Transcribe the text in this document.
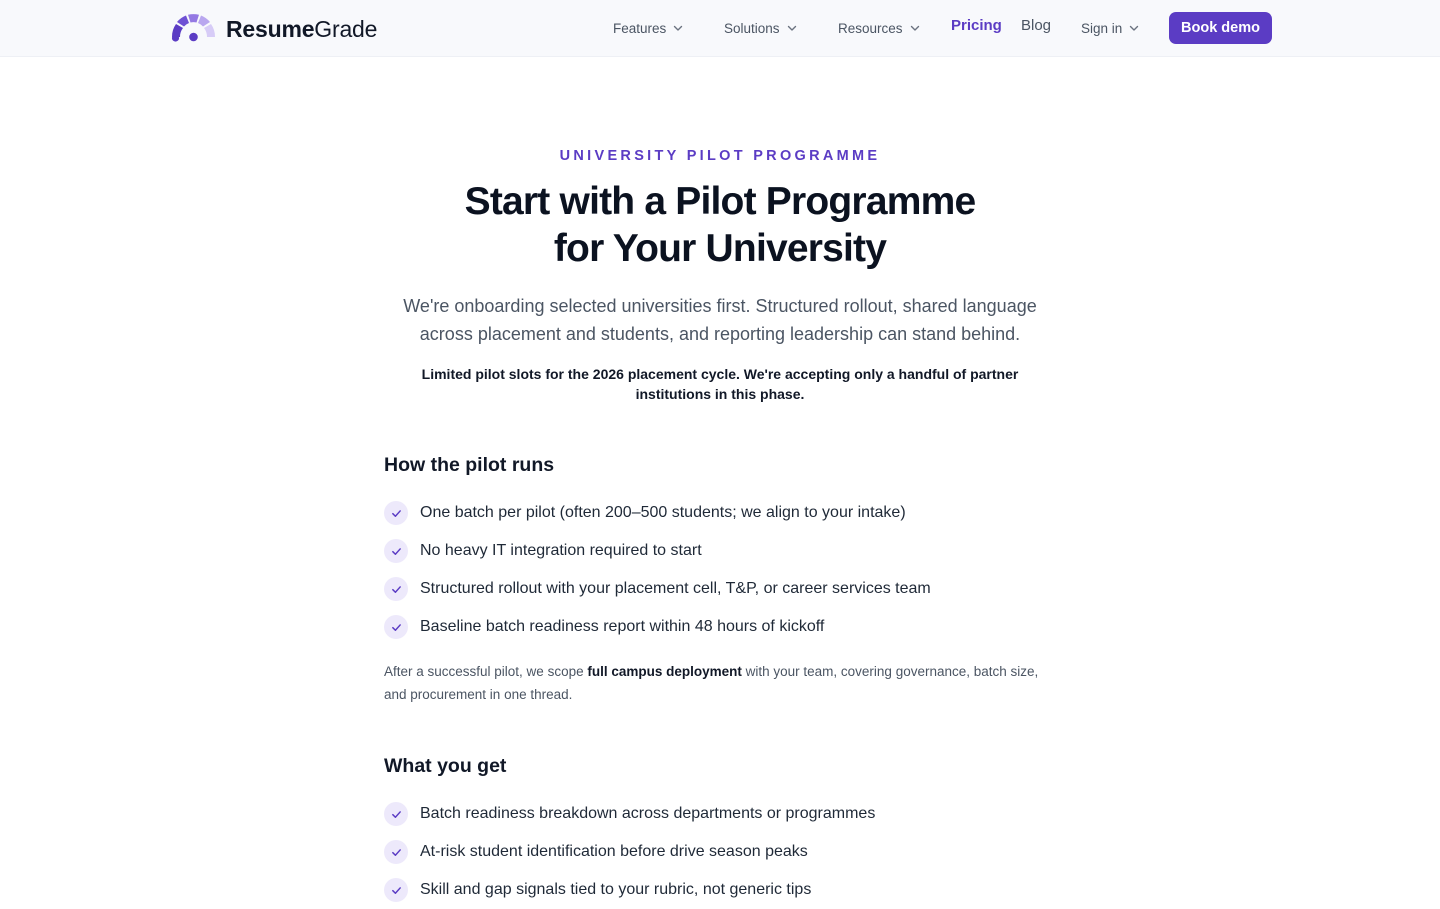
ResumeGrade	Features	Solutions	Resources	Pricing Blog Sign in	Book demo
UNIVERSITY PILOT PROGRAMME
Start with a Pilot Programme
for Your University

We're onboarding selected universities first. Structured rollout, shared language across placement and students, and reporting leadership can stand behind.

Limited pilot slots for the 2026 placement cycle. We're accepting only a handful of partner institutions in this phase.

How the pilot runs
One batch per pilot (often 200–500 students; we align to your intake)
No heavy IT integration required to start
Structured rollout with your placement cell, T&P, or career services team
Baseline batch readiness report within 48 hours of kickoff

After a successful pilot, we scope full campus deployment with your team, covering governance, batch size, and procurement in one thread.

What you get
Batch readiness breakdown across departments or programmes
At-risk student identification before drive season peaks
Skill and gap signals tied to your rubric, not generic tips
